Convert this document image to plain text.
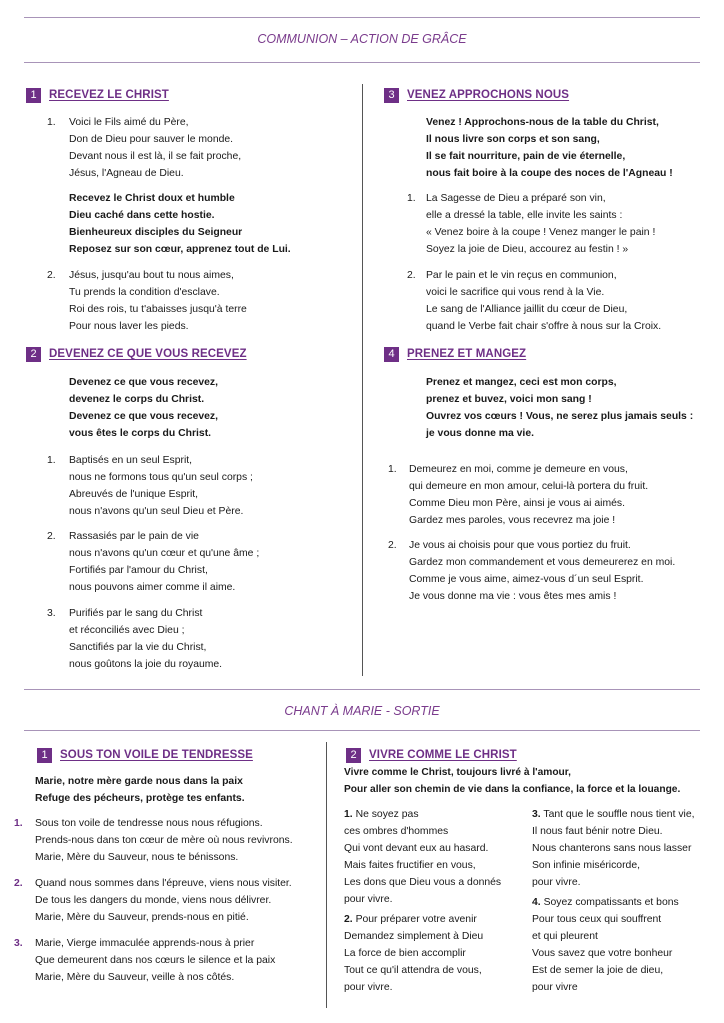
COMMUNION – ACTION DE GRÂCE
1	RECEVEZ LE CHRIST
1. Voici le Fils aimé du Père,
Don de Dieu pour sauver le monde.
Devant nous il est là, il se fait proche,
Jésus, l'Agneau de Dieu.
Recevez le Christ doux et humble
Dieu caché dans cette hostie.
Bienheureux disciples du Seigneur
Reposez sur son cœur, apprenez tout de Lui.
2. Jésus, jusqu'au bout tu nous aimes,
Tu prends la condition d'esclave.
Roi des rois, tu t'abaisses jusqu'à terre
Pour nous laver les pieds.
2	DEVENEZ CE QUE VOUS RECEVEZ
Devenez ce que vous recevez,
devenez le corps du Christ.
Devenez ce que vous recevez,
vous êtes le corps du Christ.
1. Baptisés en un seul Esprit,
nous ne formons tous qu'un seul corps ;
Abreuvés de l'unique Esprit,
nous n'avons qu'un seul Dieu et Père.
2. Rassasiés par le pain de vie
nous n'avons qu'un cœur et qu'une âme ;
Fortifiés par l'amour du Christ,
nous pouvons aimer comme il aime.
3. Purifiés par le sang du Christ
et réconciliés avec Dieu ;
Sanctifiés par la vie du Christ,
nous goûtons la joie du royaume.
3	VENEZ APPROCHONS NOUS
Venez ! Approchons-nous de la table du Christ,
Il nous livre son corps et son sang,
Il se fait nourriture, pain de vie éternelle,
nous fait boire à la coupe des noces de l'Agneau !
1. La Sagesse de Dieu a préparé son vin,
elle a dressé la table, elle invite les saints :
« Venez boire à la coupe ! Venez manger le pain !
Soyez la joie de Dieu, accourez au festin ! »
2. Par le pain et le vin reçus en communion,
voici le sacrifice qui vous rend à la Vie.
Le sang de l'Alliance jaillit du cœur de Dieu,
quand le Verbe fait chair s'offre à nous sur la Croix.
4	PRENEZ ET MANGEZ
Prenez et mangez, ceci est mon corps,
prenez et buvez, voici mon sang !
Ouvrez vos cœurs ! Vous, ne serez plus jamais seuls :
je vous donne ma vie.
1. Demeurez en moi, comme je demeure en vous,
qui demeure en mon amour, celui-là portera du fruit.
Comme Dieu mon Père, ainsi je vous ai aimés.
Gardez mes paroles, vous recevrez ma joie !
2. Je vous ai choisis pour que vous portiez du fruit.
Gardez mon commandement et vous demeurerez en moi.
Comme je vous aime, aimez-vous d´un seul Esprit.
Je vous donne ma vie : vous êtes mes amis !
CHANT À MARIE - SORTIE
1	SOUS TON VOILE DE TENDRESSE
Marie, notre mère garde nous dans la paix
Refuge des pécheurs, protège tes enfants.
1. Sous ton voile de tendresse nous nous réfugions.
Prends-nous dans ton cœur de mère où nous revivrons.
Marie, Mère du Sauveur, nous te bénissons.
2. Quand nous sommes dans l'épreuve, viens nous visiter.
De tous les dangers du monde, viens nous délivrer.
Marie, Mère du Sauveur, prends-nous en pitié.
3. Marie, Vierge immaculée apprends-nous à prier
Que demeurent dans nos cœurs le silence et la paix
Marie, Mère du Sauveur, veille à nos côtés.
2	VIVRE COMME LE CHRIST
Vivre comme le Christ, toujours livré à l'amour,
Pour aller son chemin de vie dans la confiance, la force et la louange.
1. Ne soyez pas
ces ombres d'hommes
Qui vont devant eux au hasard.
Mais faites fructifier en vous,
Les dons que Dieu vous a donnés
pour vivre.
2. Pour préparer votre avenir
Demandez simplement à Dieu
La force de bien accomplir
Tout ce qu'il attendra de vous,
pour vivre.
3. Tant que le souffle nous tient vie,
Il nous faut bénir notre Dieu.
Nous chanterons sans nous lasser
Son infinie miséricorde,
pour vivre.
4. Soyez compatissants et bons
Pour tous ceux qui souffrent
et qui pleurent
Vous savez que votre bonheur
Est de semer la joie de dieu,
pour vivre
